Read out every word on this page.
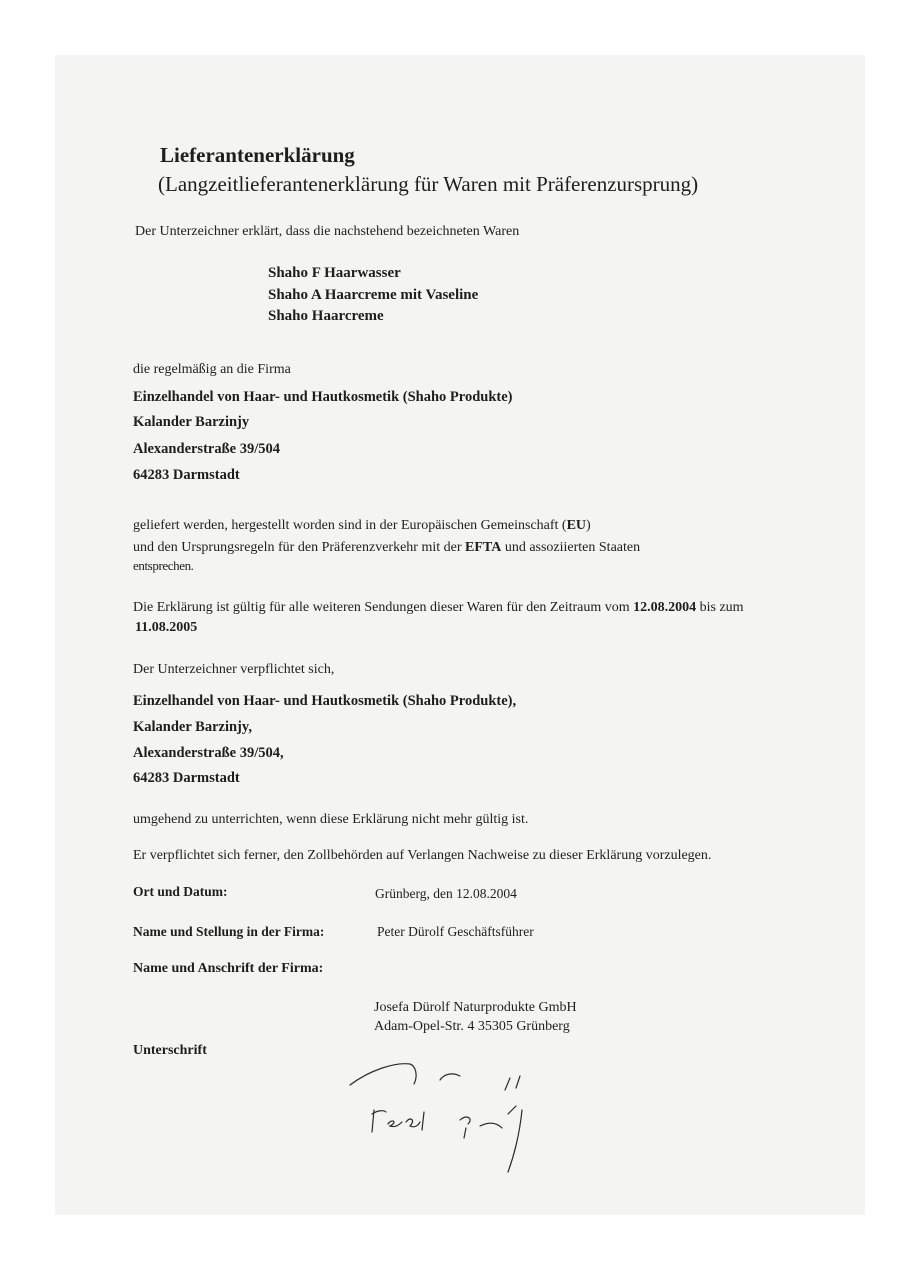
Lieferantenerklärung
(Langzeitlieferantenerklärung für Waren mit Präferenzursprung)
Der Unterzeichner erklärt, dass die nachstehend bezeichneten Waren
Shaho F Haarwasser
Shaho A Haarcreme mit Vaseline
Shaho Haarcreme
die regelmäßig an die Firma
Einzelhandel von Haar- und Hautkosmetik (Shaho Produkte)
Kalander Barzinjy
Alexanderstraße 39/504
64283 Darmstadt
geliefert werden, hergestellt worden sind in der Europäischen Gemeinschaft (EU)
und den Ursprungsregeln für den Präferenzverkehr mit der EFTA und assoziierten Staaten
entsprechen.
Die Erklärung ist gültig für alle weiteren Sendungen dieser Waren für den Zeitraum vom 12.08.2004 bis zum
11.08.2005
Der Unterzeichner verpflichtet sich,
Einzelhandel von Haar- und Hautkosmetik (Shaho Produkte),
Kalander Barzinjy,
Alexanderstraße 39/504,
64283 Darmstadt
umgehend zu unterrichten, wenn diese Erklärung nicht mehr gültig ist.
Er verpflichtet sich ferner, den Zollbehörden auf Verlangen Nachweise zu dieser Erklärung vorzulegen.
Ort und Datum:	Grünberg, den 12.08.2004
Name und Stellung in der Firma:	Peter Dürolf Geschäftsführer
Name und Anschrift der Firma:
Josefa Dürolf Naturprodukte GmbH
Adam-Opel-Str. 4 35305 Grünberg
Unterschrift
